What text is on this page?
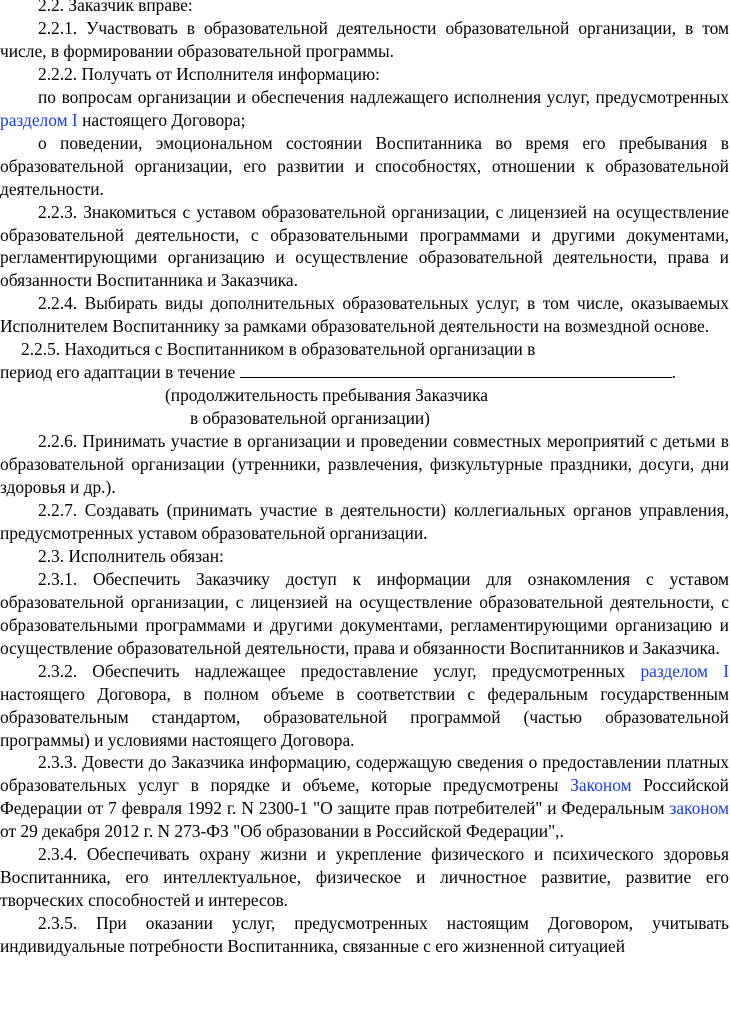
2.2. Заказчик вправе:

2.2.1. Участвовать в образовательной деятельности образовательной организации, в том числе, в формировании образовательной программы.

2.2.2. Получать от Исполнителя информацию:

по вопросам организации и обеспечения надлежащего исполнения услуг, предусмотренных разделом I настоящего Договора;

о поведении, эмоциональном состоянии Воспитанника во время его пребывания в образовательной организации, его развитии и способностях, отношении к образовательной деятельности.

2.2.3. Знакомиться с уставом образовательной организации, с лицензией на осуществление образовательной деятельности, с образовательными программами и другими документами, регламентирующими организацию и осуществление образовательной деятельности, права и обязанности Воспитанника и Заказчика.

2.2.4. Выбирать виды дополнительных образовательных услуг, в том числе, оказываемых Исполнителем Воспитаннику за рамками образовательной деятельности на возмездной основе.

2.2.5. Находиться с Воспитанником в образовательной организации в

период его адаптации в течение	.

(продолжительность пребывания Заказчика

в образовательной организации)

2.2.6. Принимать участие в организации и проведении совместных мероприятий с детьми в образовательной организации (утренники, развлечения, физкультурные праздники, досуги, дни здоровья и др.).

2.2.7. Создавать (принимать участие в деятельности) коллегиальных органов управления, предусмотренных уставом образовательной организации.

2.3. Исполнитель обязан:

2.3.1. Обеспечить Заказчику доступ к информации для ознакомления с уставом образовательной организации, с лицензией на осуществление образовательной деятельности, с образовательными программами и другими документами, регламентирующими организацию и осуществление образовательной деятельности, права и обязанности Воспитанников и Заказчика.

2.3.2. Обеспечить надлежащее предоставление услуг, предусмотренных разделом I настоящего Договора, в полном объеме в соответствии с федеральным государственным образовательным стандартом, образовательной программой (частью образовательной программы) и условиями настоящего Договора.

2.3.3. Довести до Заказчика информацию, содержащую сведения о предоставлении платных образовательных услуг в порядке и объеме, которые предусмотрены Законом Российской Федерации от 7 февраля 1992 г. N 2300-1 "О защите прав потребителей" и Федеральным законом от 29 декабря 2012 г. N 273-ФЗ "Об образовании в Российской Федерации",.

2.3.4. Обеспечивать охрану жизни и укрепление физического и психического здоровья Воспитанника, его интеллектуальное, физическое и личностное развитие, развитие его творческих способностей и интересов.

2.3.5. При оказании услуг, предусмотренных настоящим Договором, учитывать индивидуальные потребности Воспитанника, связанные с его жизненной ситуацией
